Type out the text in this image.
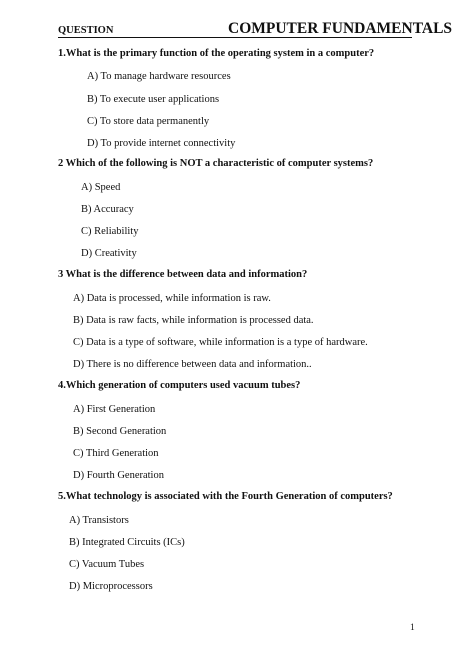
QUESTION	COMPUTER FUNDAMENTALS
1.What is the primary function of the operating system in a computer?
A) To manage hardware resources
B) To execute user applications
C) To store data permanently
D) To provide internet connectivity
2 Which of the following is NOT a characteristic of computer systems?
A) Speed
B) Accuracy
C) Reliability
D) Creativity
3 What is the difference between data and information?
A) Data is processed, while information is raw.
B) Data is raw facts, while information is processed data.
C) Data is a type of software, while information is a type of hardware.
D) There is no difference between data and information..
4.Which generation of computers used vacuum tubes?
A) First Generation
B) Second Generation
C) Third Generation
D) Fourth Generation
5.What technology is associated with the Fourth Generation of computers?
A) Transistors
B) Integrated Circuits (ICs)
C) Vacuum Tubes
D) Microprocessors
1
